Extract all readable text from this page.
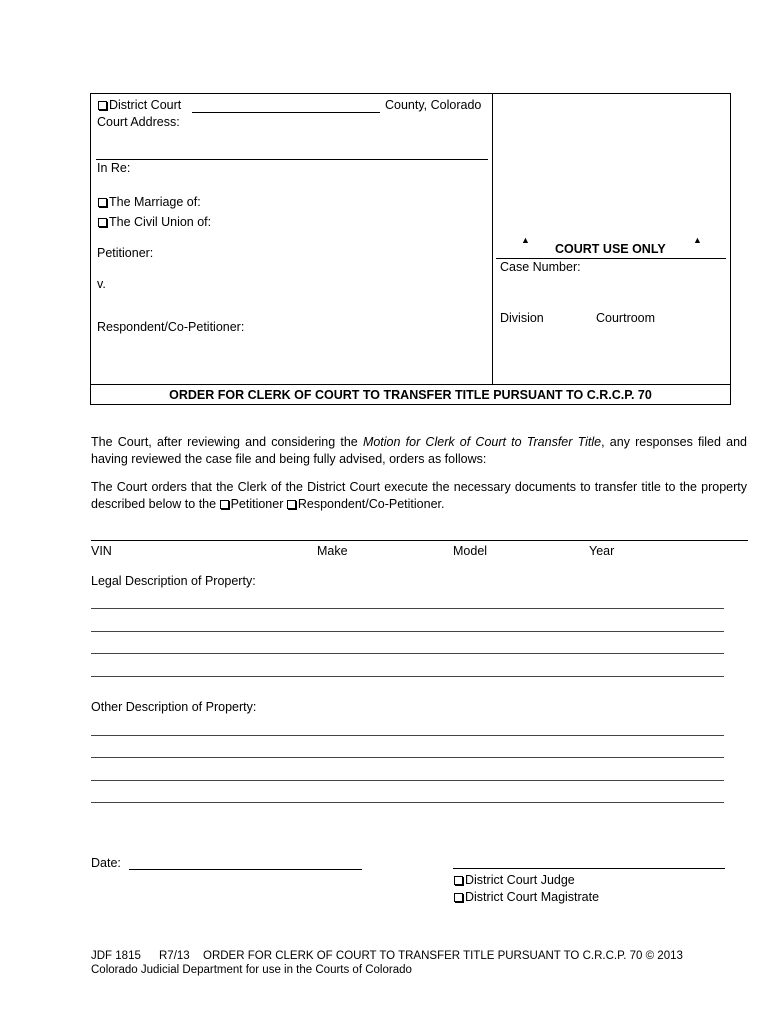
District Court	County, Colorado
Court Address:
In Re:
The Marriage of:
The Civil Union of:
Petitioner:
v.
Respondent/Co-Petitioner:
▲
COURT USE ONLY
▲
Case Number:
Division	Courtroom
ORDER FOR CLERK OF COURT TO TRANSFER TITLE PURSUANT TO C.R.C.P. 70
The Court, after reviewing and considering the Motion for Clerk of Court to Transfer Title, any responses filed and having reviewed the case file and being fully advised, orders as follows:
The Court orders that the Clerk of the District Court execute the necessary documents to transfer title to the property described below to the Petitioner Respondent/Co-Petitioner.
VIN	Make	Model	Year
Legal Description of Property:
Other Description of Property:
Date:
District Court Judge
District Court Magistrate
JDF 1815 R7/13 ORDER FOR CLERK OF COURT TO TRANSFER TITLE PURSUANT TO C.R.C.P. 70 © 2013
Colorado Judicial Department for use in the Courts of Colorado
